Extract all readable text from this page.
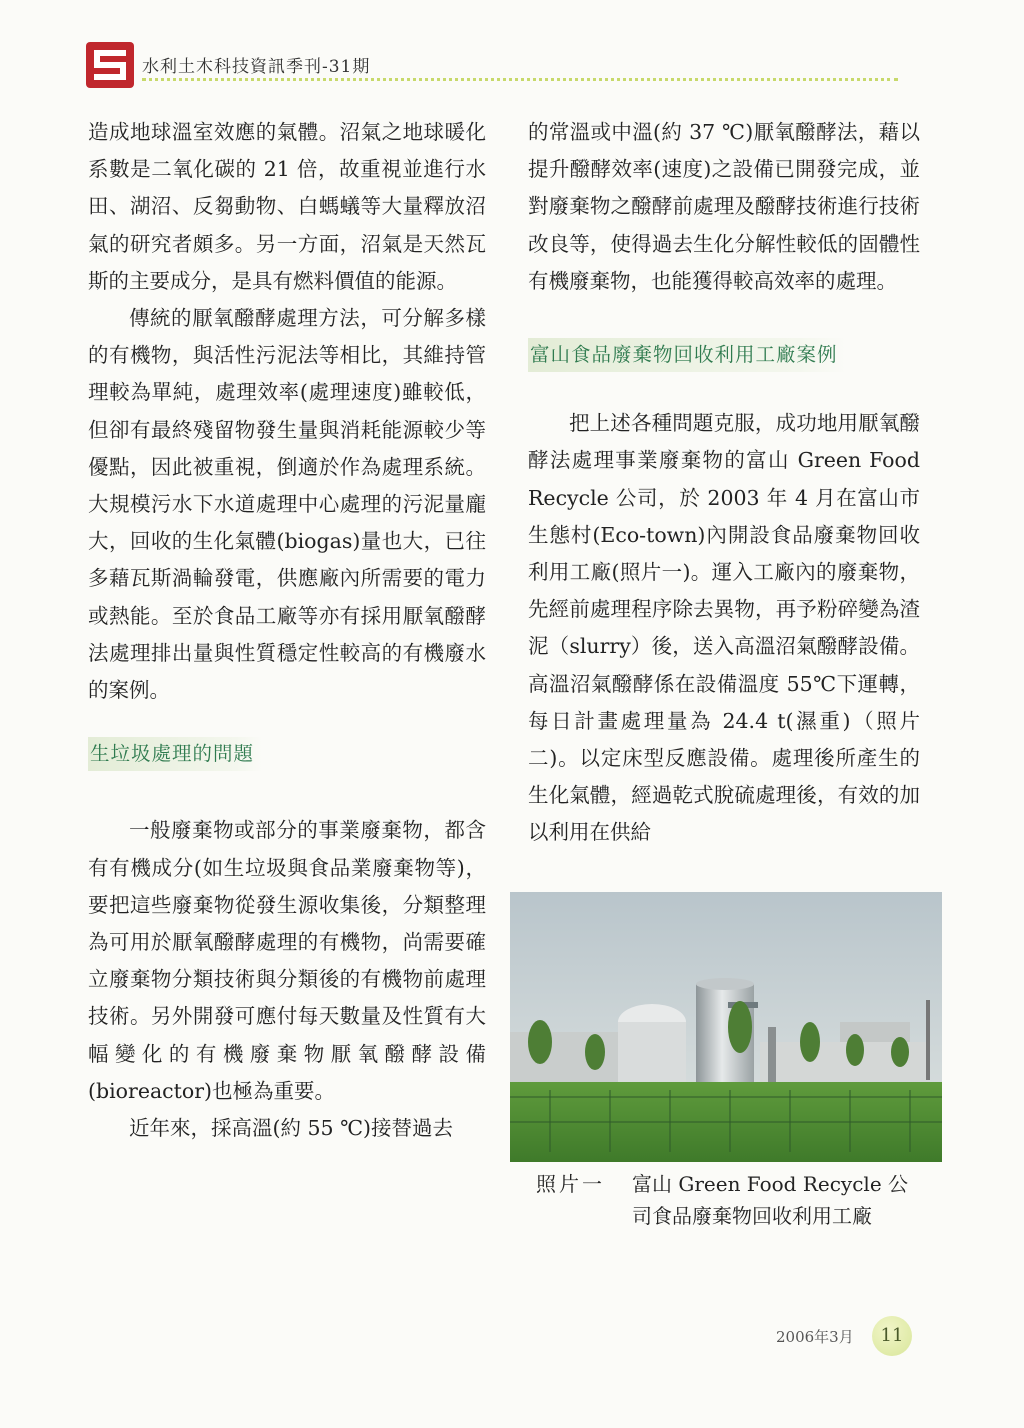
水利土木科技資訊季刊-31期

造成地球溫室效應的氣體。沼氣之地球暖化系數是二氧化碳的 21 倍，故重視並進行水田、湖沼、反芻動物、白螞蟻等大量釋放沼氣的研究者頗多。另一方面，沼氣是天然瓦斯的主要成分，是具有燃料價值的能源。

傳統的厭氧醱酵處理方法，可分解多樣的有機物，與活性污泥法等相比，其維持管理較為單純，處理效率(處理速度)雖較低，但卻有最終殘留物發生量與消耗能源較少等優點，因此被重視，倒適於作為處理系統。大規模污水下水道處理中心處理的污泥量龐大，回收的生化氣體(biogas)量也大，已往多藉瓦斯渦輪發電，供應廠內所需要的電力或熱能。至於食品工廠等亦有採用厭氧醱酵法處理排出量與性質穩定性較高的有機廢水的案例。

生垃圾處理的問題

一般廢棄物或部分的事業廢棄物，都含有有機成分(如生垃圾與食品業廢棄物等)，要把這些廢棄物從發生源收集後，分類整理為可用於厭氧醱酵處理的有機物，尚需要確立廢棄物分類技術與分類後的有機物前處理技術。另外開發可應付每天數量及性質有大幅變化的有機廢棄物厭氧醱酵設備(bioreactor)也極為重要。

近年來，採高溫(約 55 ℃)接替過去

的常溫或中溫(約 37 ℃)厭氧醱酵法，藉以提升醱酵效率(速度)之設備已開發完成，並對廢棄物之醱酵前處理及醱酵技術進行技術改良等，使得過去生化分解性較低的固體性有機廢棄物，也能獲得較高效率的處理。

富山食品廢棄物回收利用工廠案例

把上述各種問題克服，成功地用厭氧醱酵法處理事業廢棄物的富山 Green Food Recycle 公司，於 2003 年 4 月在富山市生態村(Eco-town)內開設食品廢棄物回收利用工廠(照片一)。運入工廠內的廢棄物，先經前處理程序除去異物，再予粉碎變為渣泥（slurry）後，送入高溫沼氣醱酵設備。高溫沼氣醱酵係在設備溫度 55℃下運轉，每日計畫處理量為 24.4 t(濕重)（照片二)。以定床型反應設備。處理後所產生的生化氣體，經過乾式脫硫處理後，有效的加以利用在供給

照片一 富山 Green Food Recycle 公司食品廢棄物回收利用工廠
2006年3月	11
